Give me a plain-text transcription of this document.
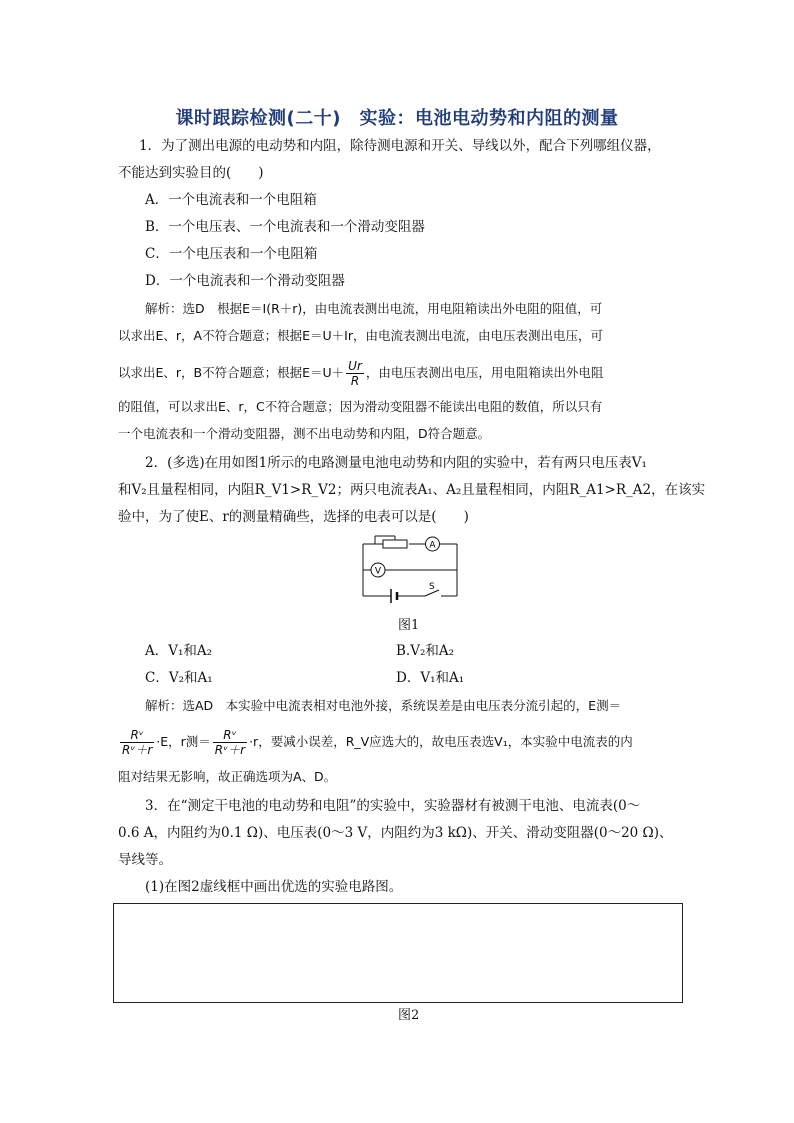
课时跟踪检测(二十)　实验：电池电动势和内阻的测量
1．为了测出电源的电动势和内阻，除待测电源和开关、导线以外，配合下列哪组仪器，
不能达到实验目的(　　)
A．一个电流表和一个电阻箱
B．一个电压表、一个电流表和一个滑动变阻器
C．一个电压表和一个电阻箱
D．一个电流表和一个滑动变阻器
解析：选D　根据E＝I(R＋r)，由电流表测出电流，用电阻箱读出外电阻的阻值，可
以求出E、r，A不符合题意；根据E＝U＋Ir，由电流表测出电流，由电压表测出电压，可
以求出E、r，B不符合题意；根据$E=U+ \frac{Ur}{R}$ ，由电压表测出电压，用电阻箱读出外电阻
的阻值，可以求出E、r，C不符合题意；因为滑动变阻器不能读出电阻的数值，所以只有
一个电流表和一个滑动变阻器，测不出电动势和内阻，D符合题意。
2．(多选)在用如图1所示的电路测量电池电动势和内阻的实验中，若有两只电压表V₁
和V₂且量程相同，内阻R_V1>R_V2；两只电流表A₁、A₂且量程相同，内阻R_A1>R_A2，在该实
验中，为了使E、r的测量精确些，选择的电表可以是(　　)
A
V
S
图1
A．V₁和A₂	B.V₂和A₂
C．V₂和A₁	D．V₁和A₁
解析：选AD　本实验中电流表相对电池外接，系统误差是由电压表分流引起的，E测＝
$\frac{\text{Rᵛ}}{\text{Rᵛ＋r}} \cdot E$，r测＝ $\frac{\text{Rᵛ}}{\text{Rᵛ＋r}} \cdot r$，要减小误差，R_V应选大的，故电压表选V₁，本实验中电流表的内
阻对结果无影响，故正确选项为A、D。
3．在“测定干电池的电动势和电阻”的实验中，实验器材有被测干电池、电流表(0～
0.6 A，内阻约为0.1 Ω)、电压表(0～3 V，内阻约为3 kΩ)、开关、滑动变阻器(0～20 Ω)、
导线等。
(1)在图2虚线框中画出优选的实验电路图。
图2
